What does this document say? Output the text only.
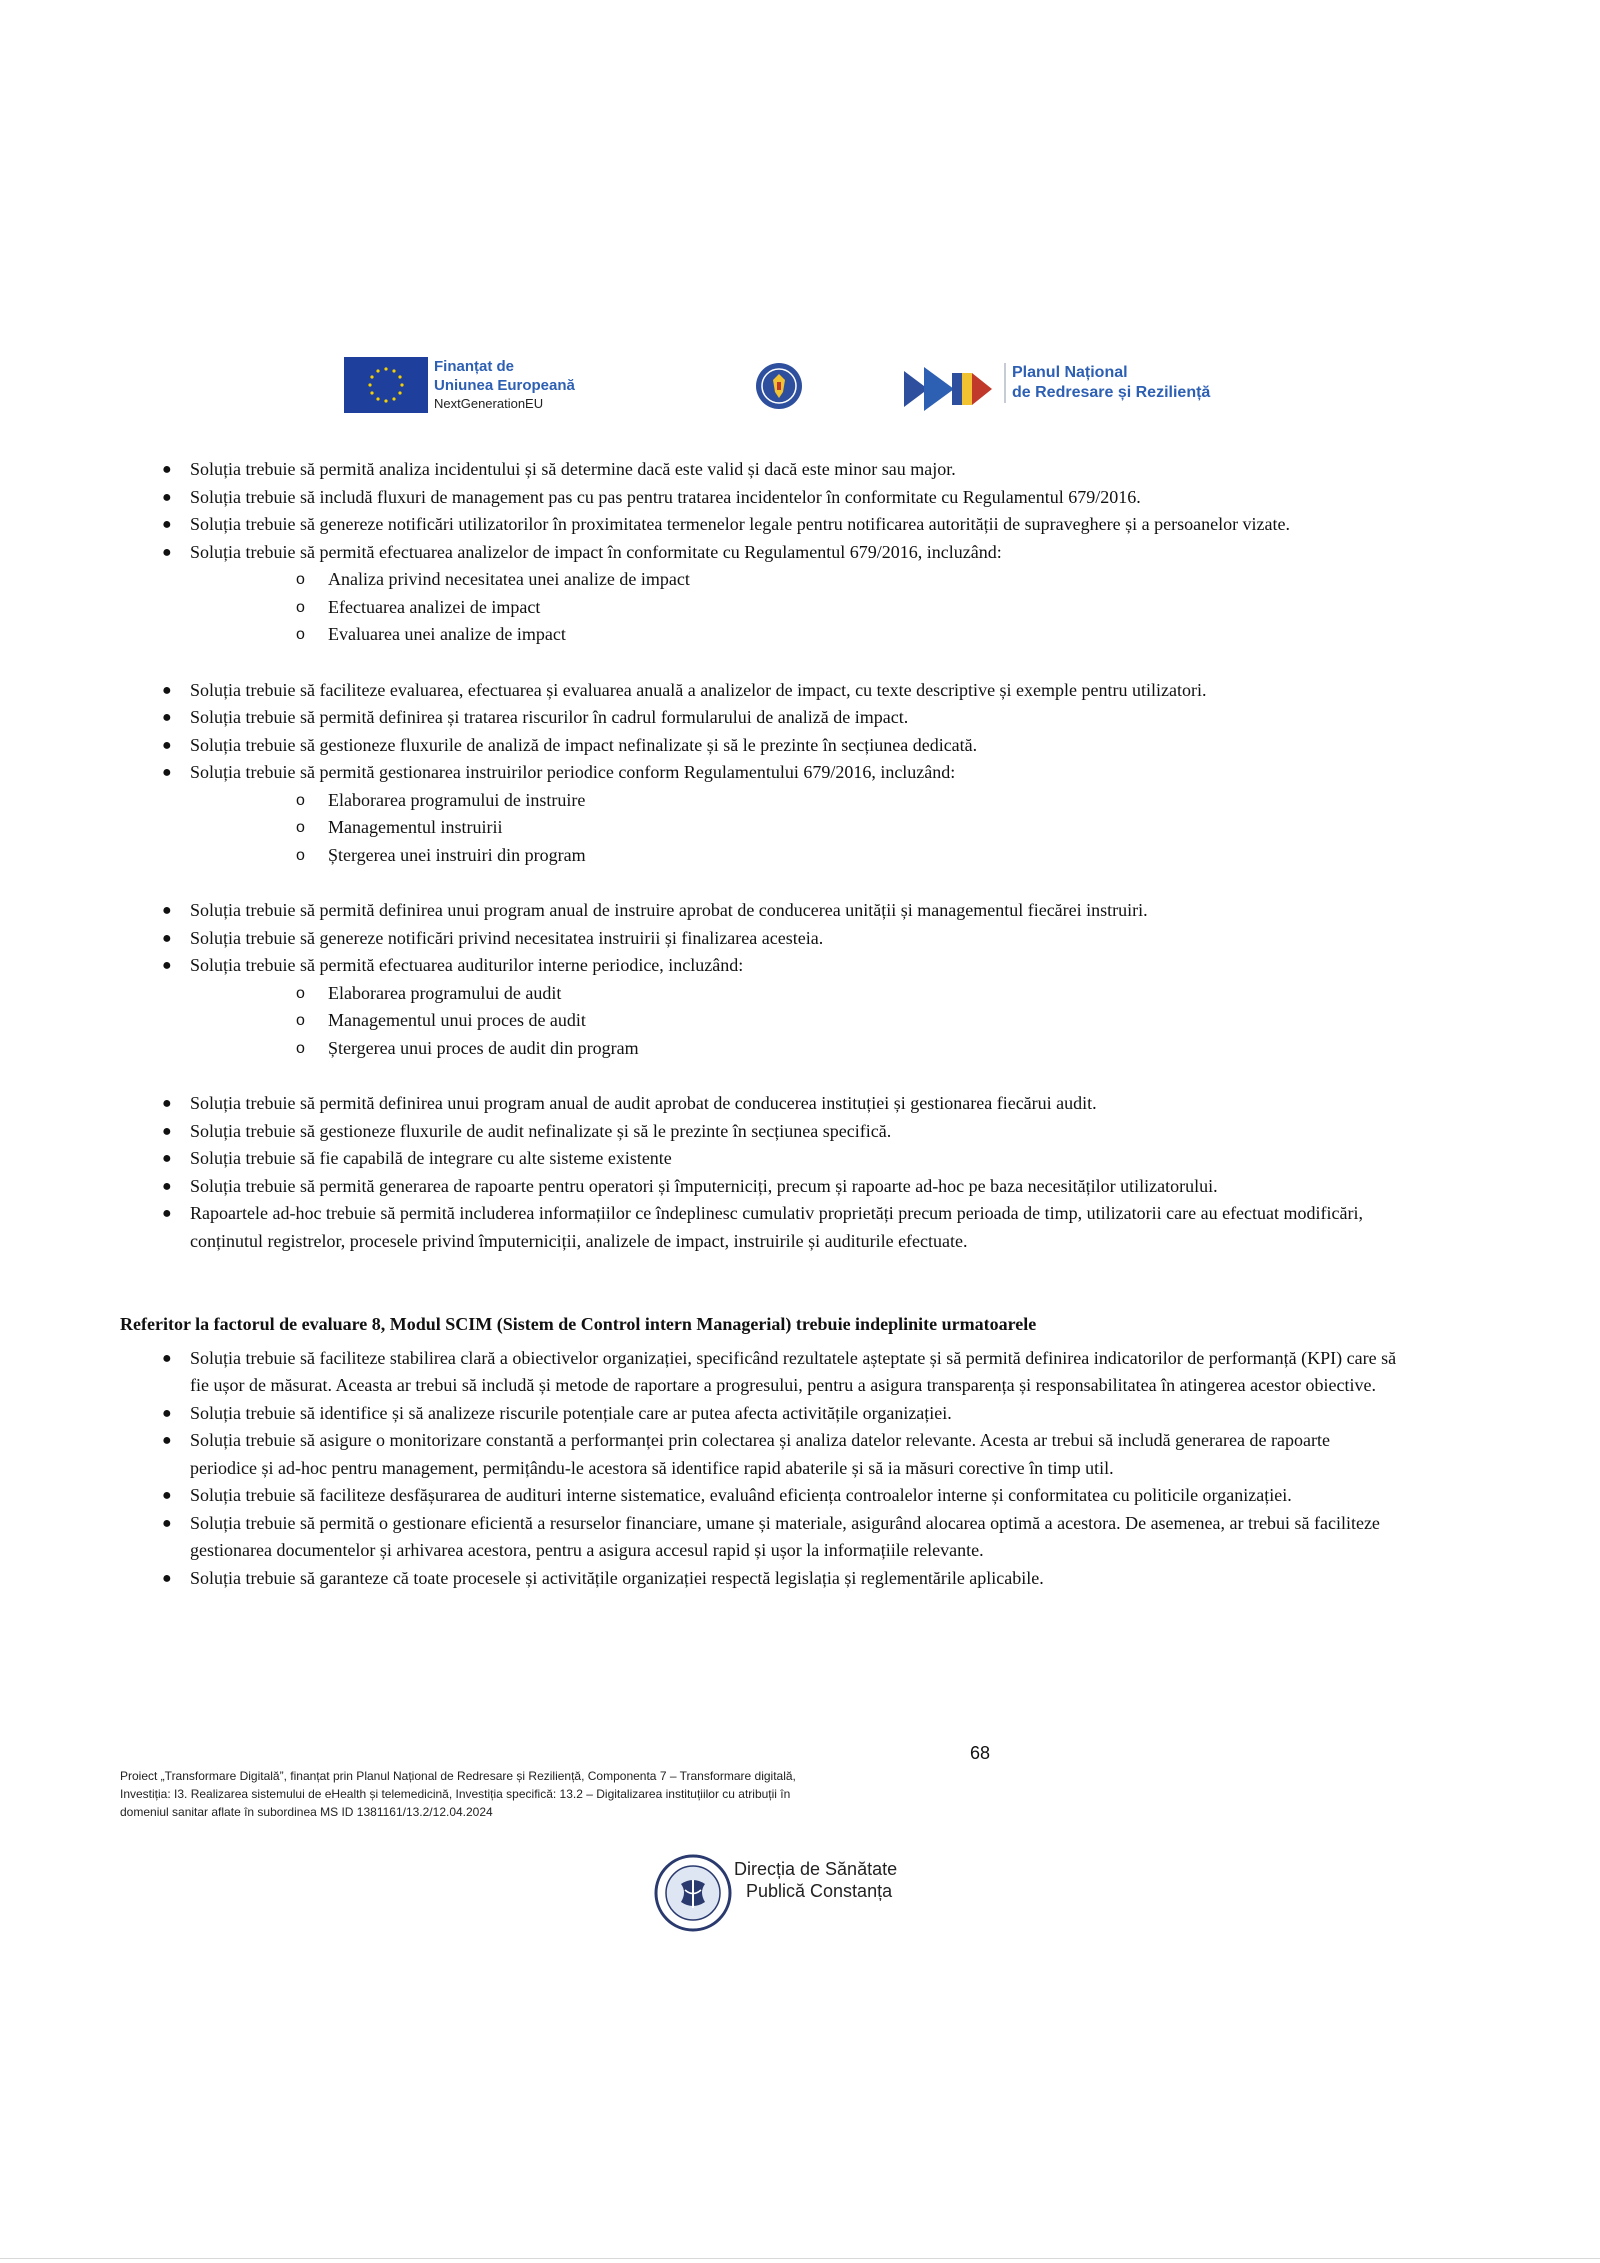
Finanțat de
Uniunea Europeană
NextGenerationEU
Planul Național
de Redresare și Reziliență
● Soluția trebuie să permită analiza incidentului și să determine dacă este valid și dacă este minor sau major.
● Soluția trebuie să includă fluxuri de management pas cu pas pentru tratarea incidentelor în conformitate cu Regulamentul 679/2016.
● Soluția trebuie să genereze notificări utilizatorilor în proximitatea termenelor legale pentru notificarea autorității de supraveghere și a persoanelor vizate.
● Soluția trebuie să permită efectuarea analizelor de impact în conformitate cu Regulamentul 679/2016, incluzând:
o Analiza privind necesitatea unei analize de impact
o Efectuarea analizei de impact
o Evaluarea unei analize de impact
● Soluția trebuie să faciliteze evaluarea, efectuarea și evaluarea anuală a analizelor de impact, cu texte descriptive și exemple pentru utilizatori.
● Soluția trebuie să permită definirea și tratarea riscurilor în cadrul formularului de analiză de impact.
● Soluția trebuie să gestioneze fluxurile de analiză de impact nefinalizate și să le prezinte în secțiunea dedicată.
● Soluția trebuie să permită gestionarea instruirilor periodice conform Regulamentului 679/2016, incluzând:
o Elaborarea programului de instruire
o Managementul instruirii
o Ștergerea unei instruiri din program
● Soluția trebuie să permită definirea unui program anual de instruire aprobat de conducerea unității și managementul fiecărei instruiri.
● Soluția trebuie să genereze notificări privind necesitatea instruirii și finalizarea acesteia.
● Soluția trebuie să permită efectuarea auditurilor interne periodice, incluzând:
o Elaborarea programului de audit
o Managementul unui proces de audit
o Ștergerea unui proces de audit din program
● Soluția trebuie să permită definirea unui program anual de audit aprobat de conducerea instituției și gestionarea fiecărui audit.
● Soluția trebuie să gestioneze fluxurile de audit nefinalizate și să le prezinte în secțiunea specifică.
● Soluția trebuie să fie capabilă de integrare cu alte sisteme existente
● Soluția trebuie să permită generarea de rapoarte pentru operatori și împuterniciți, precum și rapoarte ad-hoc pe baza necesităților utilizatorului.
● Rapoartele ad-hoc trebuie să permită includerea informațiilor ce îndeplinesc cumulativ proprietăți precum perioada de timp, utilizatorii care au efectuat modificări, conținutul registrelor, procesele privind împuterniciții, analizele de impact, instruirile și auditurile efectuate.

Referitor la factorul de evaluare 8, Modul SCIM (Sistem de Control intern Managerial) trebuie indeplinite urmatoarele

● Soluția trebuie să faciliteze stabilirea clară a obiectivelor organizației, specificând rezultatele așteptate și să permită definirea indicatorilor de performanță (KPI) care să fie ușor de măsurat. Aceasta ar trebui să includă și metode de raportare a progresului, pentru a asigura transparența și responsabilitatea în atingerea acestor obiective.
● Soluția trebuie să identifice și să analizeze riscurile potențiale care ar putea afecta activitățile organizației.
● Soluția trebuie să asigure o monitorizare constantă a performanței prin colectarea și analiza datelor relevante. Acesta ar trebui să includă generarea de rapoarte periodice și ad-hoc pentru management, permițându-le acestora să identifice rapid abaterile și să ia măsuri corective în timp util.
● Soluția trebuie să faciliteze desfășurarea de audituri interne sistematice, evaluând eficiența controalelor interne și conformitatea cu politicile organizației.
● Soluția trebuie să permită o gestionare eficientă a resurselor financiare, umane și materiale, asigurând alocarea optimă a acestora. De asemenea, ar trebui să faciliteze gestionarea documentelor și arhivarea acestora, pentru a asigura accesul rapid și ușor la informațiile relevante.
● Soluția trebuie să garanteze că toate procesele și activitățile organizației respectă legislația și reglementările aplicabile.
68
Proiect „Transformare Digitală”, finanțat prin Planul Național de Redresare și Reziliență, Componenta 7 – Transformare digitală,
Investiția: I3. Realizarea sistemului de eHealth și telemedicină, Investiția specifică: 13.2 – Digitalizarea instituțiilor cu atribuții în
domeniul sanitar aflate în subordinea MS ID 1381161/13.2/12.04.2024
Direcția de Sănătate
Publică Constanța
